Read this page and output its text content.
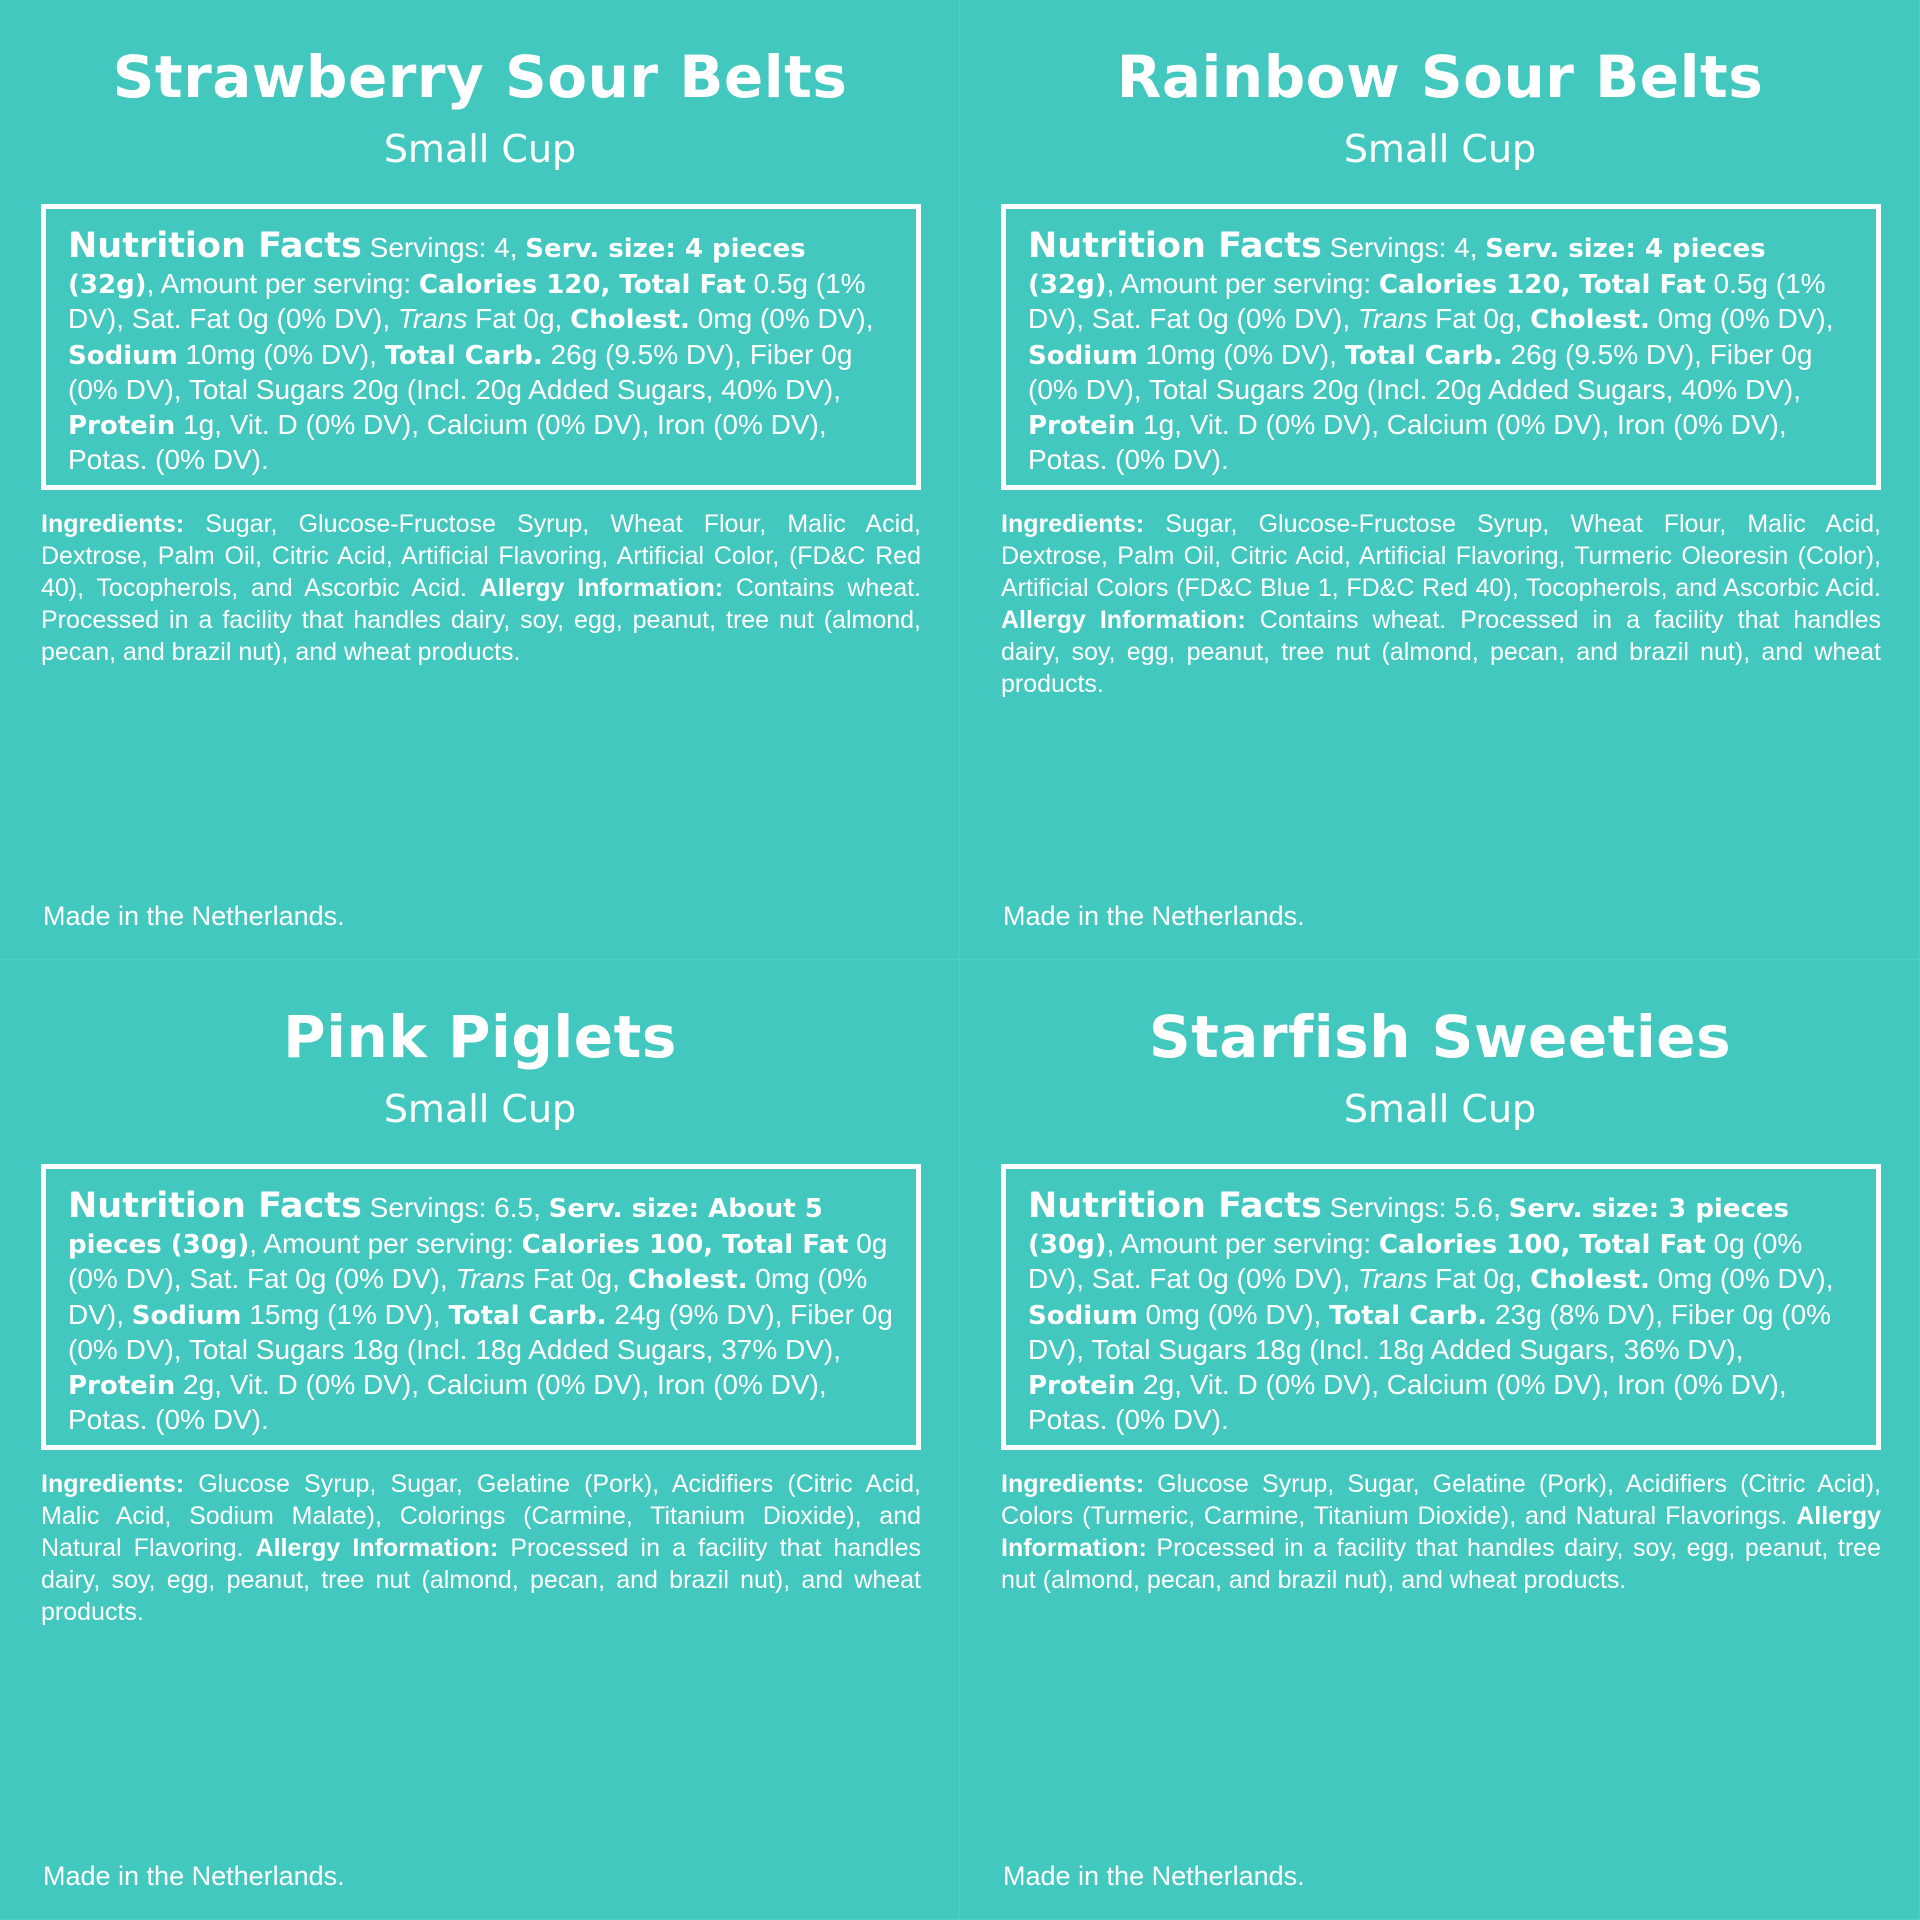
Strawberry Sour Belts
Small Cup
Nutrition Facts Servings: 4, Serv. size: 4 pieces (32g), Amount per serving: Calories 120, Total Fat 0.5g (1% DV), Sat. Fat 0g (0% DV), Trans Fat 0g, Cholest. 0mg (0% DV), Sodium 10mg (0% DV), Total Carb. 26g (9.5% DV), Fiber 0g (0% DV), Total Sugars 20g (Incl. 20g Added Sugars, 40% DV), Protein 1g, Vit. D (0% DV), Calcium (0% DV), Iron (0% DV), Potas. (0% DV).
Ingredients: Sugar, Glucose-Fructose Syrup, Wheat Flour, Malic Acid, Dextrose, Palm Oil, Citric Acid, Artificial Flavoring, Artificial Color, (FD&C Red 40), Tocopherols, and Ascorbic Acid. Allergy Information: Contains wheat. Processed in a facility that handles dairy, soy, egg, peanut, tree nut (almond, pecan, and brazil nut), and wheat products.
Made in the Netherlands.
Rainbow Sour Belts
Small Cup
Nutrition Facts Servings: 4, Serv. size: 4 pieces (32g), Amount per serving: Calories 120, Total Fat 0.5g (1% DV), Sat. Fat 0g (0% DV), Trans Fat 0g, Cholest. 0mg (0% DV), Sodium 10mg (0% DV), Total Carb. 26g (9.5% DV), Fiber 0g (0% DV), Total Sugars 20g (Incl. 20g Added Sugars, 40% DV), Protein 1g, Vit. D (0% DV), Calcium (0% DV), Iron (0% DV), Potas. (0% DV).
Ingredients: Sugar, Glucose-Fructose Syrup, Wheat Flour, Malic Acid, Dextrose, Palm Oil, Citric Acid, Artificial Flavoring, Turmeric Oleoresin (Color), Artificial Colors (FD&C Blue 1, FD&C Red 40), Tocopherols, and Ascorbic Acid. Allergy Information: Contains wheat. Processed in a facility that handles dairy, soy, egg, peanut, tree nut (almond, pecan, and brazil nut), and wheat products.
Made in the Netherlands.
Pink Piglets
Small Cup
Nutrition Facts Servings: 6.5, Serv. size: About 5 pieces (30g), Amount per serving: Calories 100, Total Fat 0g (0% DV), Sat. Fat 0g (0% DV), Trans Fat 0g, Cholest. 0mg (0% DV), Sodium 15mg (1% DV), Total Carb. 24g (9% DV), Fiber 0g (0% DV), Total Sugars 18g (Incl. 18g Added Sugars, 37% DV), Protein 2g, Vit. D (0% DV), Calcium (0% DV), Iron (0% DV), Potas. (0% DV).
Ingredients: Glucose Syrup, Sugar, Gelatine (Pork), Acidifiers (Citric Acid, Malic Acid, Sodium Malate), Colorings (Carmine, Titanium Dioxide), and Natural Flavoring. Allergy Information: Processed in a facility that handles dairy, soy, egg, peanut, tree nut (almond, pecan, and brazil nut), and wheat products.
Made in the Netherlands.
Starfish Sweeties
Small Cup
Nutrition Facts Servings: 5.6, Serv. size: 3 pieces (30g), Amount per serving: Calories 100, Total Fat 0g (0% DV), Sat. Fat 0g (0% DV), Trans Fat 0g, Cholest. 0mg (0% DV), Sodium 0mg (0% DV), Total Carb. 23g (8% DV), Fiber 0g (0% DV), Total Sugars 18g (Incl. 18g Added Sugars, 36% DV), Protein 2g, Vit. D (0% DV), Calcium (0% DV), Iron (0% DV), Potas. (0% DV).
Ingredients: Glucose Syrup, Sugar, Gelatine (Pork), Acidifiers (Citric Acid), Colors (Turmeric, Carmine, Titanium Dioxide), and Natural Flavorings. Allergy Information: Processed in a facility that handles dairy, soy, egg, peanut, tree nut (almond, pecan, and brazil nut), and wheat products.
Made in the Netherlands.
